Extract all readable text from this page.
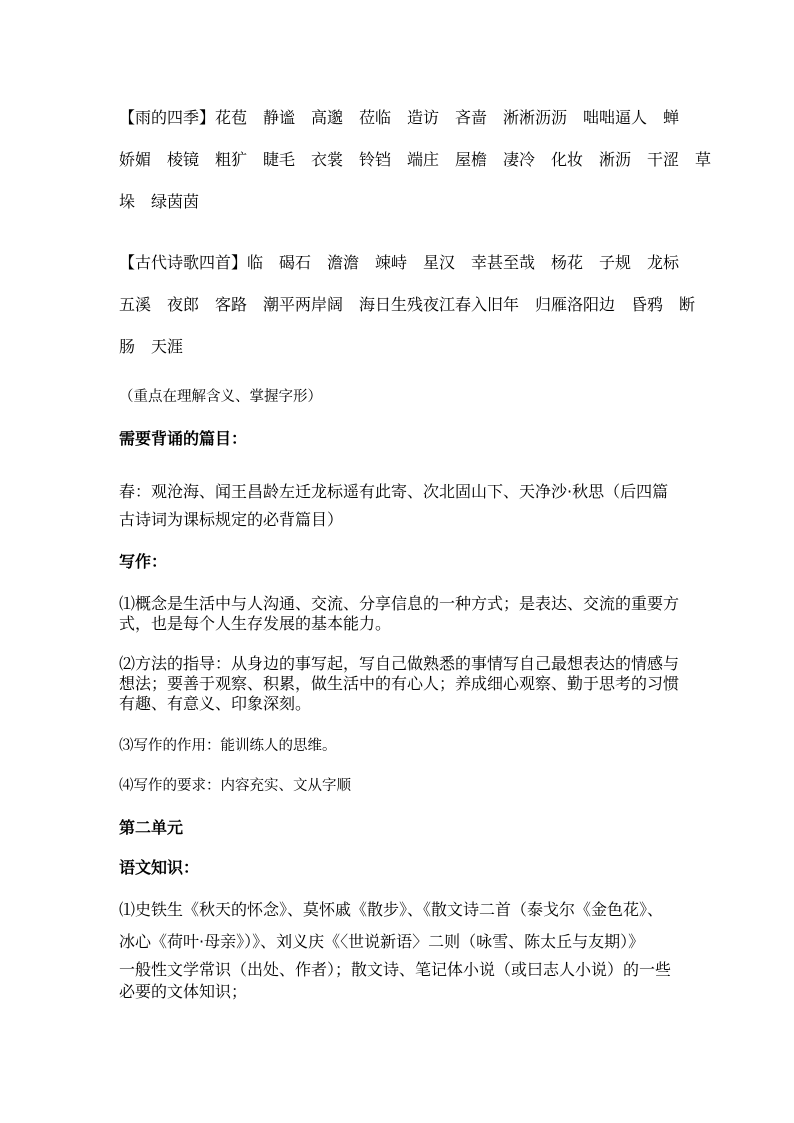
【雨的四季】花苞　静谧　高邈　莅临　造访　吝啬　淅淅沥沥　咄咄逼人　蝉
娇媚　棱镜　粗犷　睫毛　衣裳　铃铛　端庄　屋檐　凄冷　化妆　淅沥　干涩　草
垛　绿茵茵
【古代诗歌四首】临　碣石　澹澹　竦峙　星汉　幸甚至哉　杨花　子规　龙标
五溪　夜郎　客路　潮平两岸阔　海日生残夜江春入旧年　归雁洛阳边　昏鸦　断
肠　天涯
（重点在理解含义、掌握字形）
需要背诵的篇目：
春：观沧海、闻王昌龄左迁龙标遥有此寄、次北固山下、天净沙·秋思（后四篇
古诗词为课标规定的必背篇目）
写作：
⑴概念是生活中与人沟通、交流、分享信息的一种方式；是表达、交流的重要方
式，也是每个人生存发展的基本能力。
⑵方法的指导：从身边的事写起，写自己做熟悉的事情写自己最想表达的情感与
想法；要善于观察、积累，做生活中的有心人；养成细心观察、勤于思考的习惯
有趣、有意义、印象深刻。
⑶写作的作用：能训练人的思维。
⑷写作的要求：内容充实、文从字顺
第二单元
语文知识：
⑴史铁生《秋天的怀念》、莫怀戚《散步》、《散文诗二首（泰戈尔《金色花》、
冰心《荷叶·母亲》）》、刘义庆《〈世说新语〉二则（咏雪、陈太丘与友期）》
一般性文学常识（出处、作者）；散文诗、笔记体小说（或曰志人小说）的一些
必要的文体知识；
